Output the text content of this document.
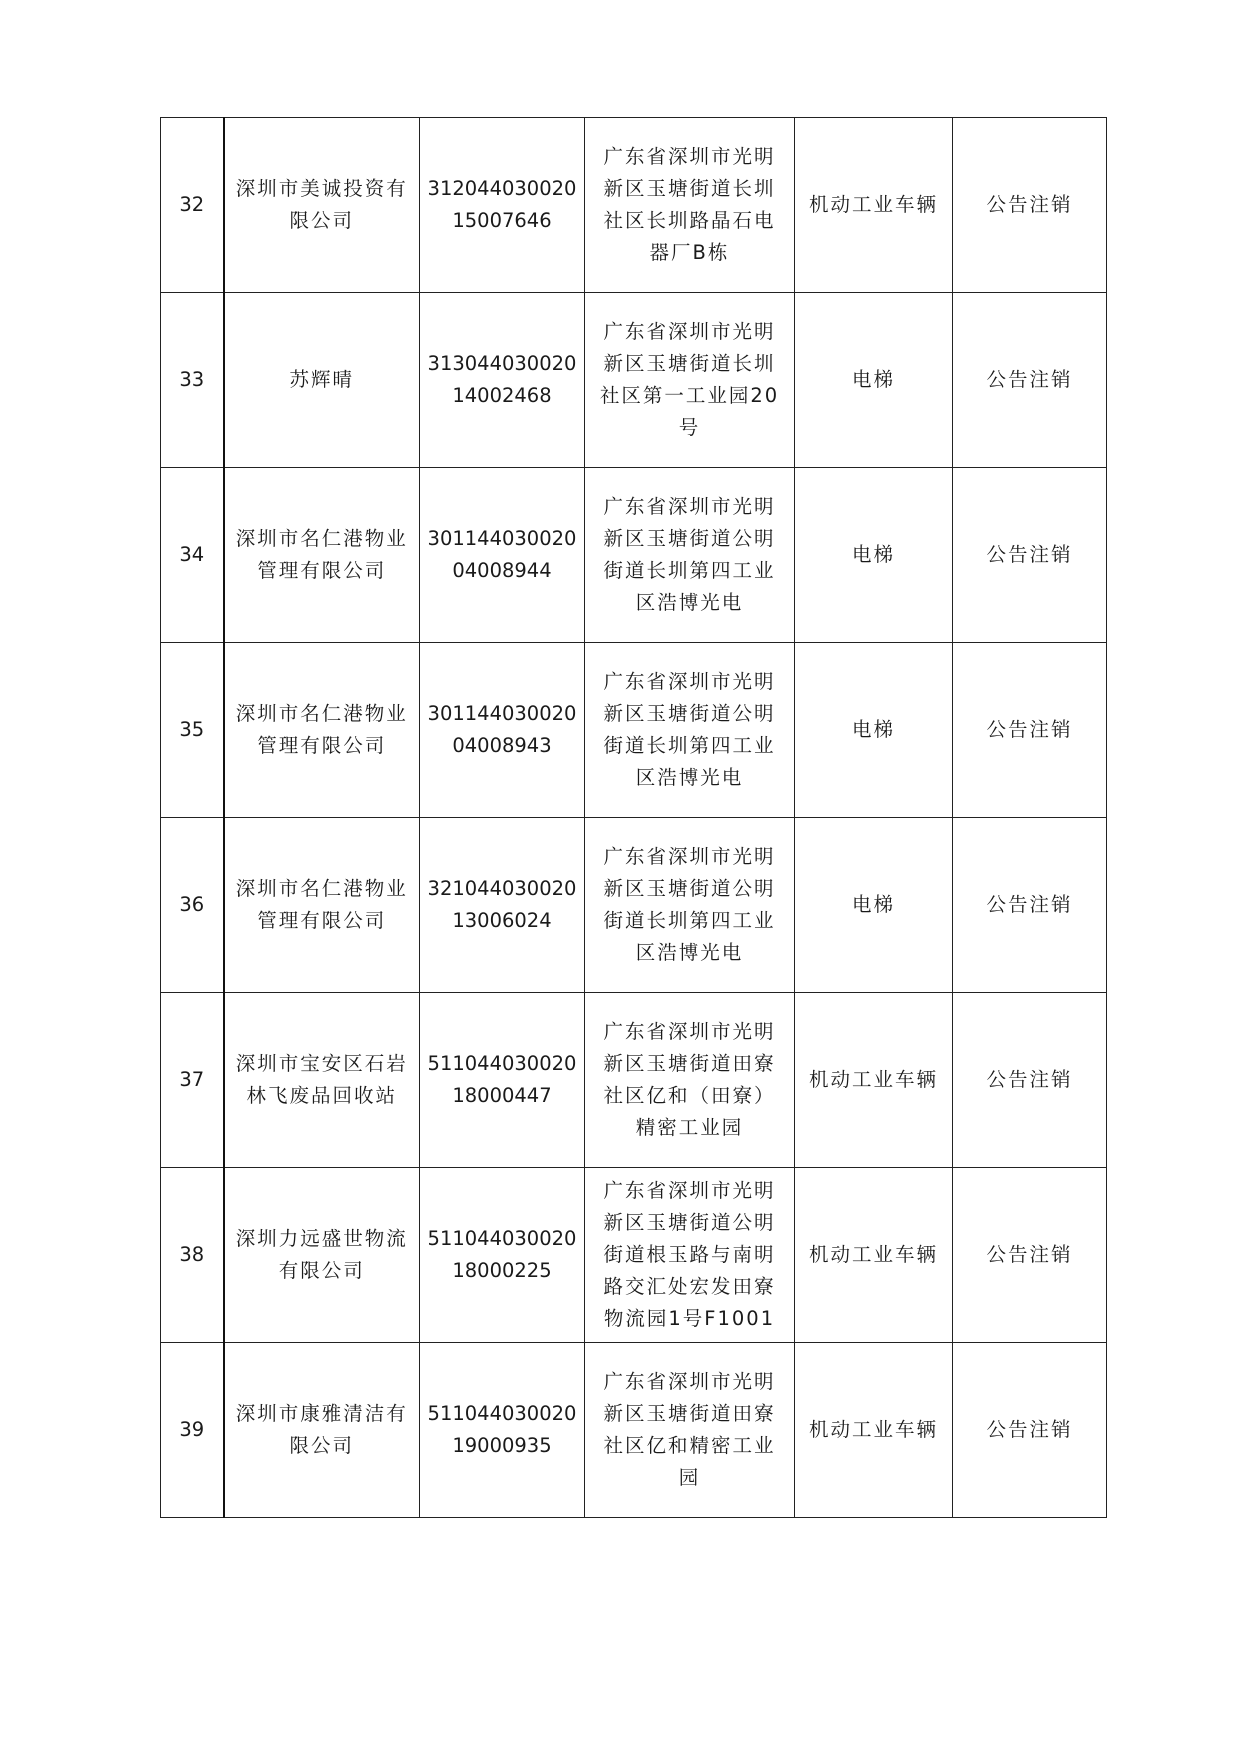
32	深圳市美诚投资有限公司	31204403002015007646	广东省深圳市光明新区玉塘街道长圳社区长圳路晶石电器厂B栋	机动工业车辆	公告注销
33	苏辉晴	31304403002014002468	广东省深圳市光明新区玉塘街道长圳社区第一工业园20号	电梯	公告注销
34	深圳市名仁港物业管理有限公司	30114403002004008944	广东省深圳市光明新区玉塘街道公明街道长圳第四工业区浩博光电	电梯	公告注销
35	深圳市名仁港物业管理有限公司	30114403002004008943	广东省深圳市光明新区玉塘街道公明街道长圳第四工业区浩博光电	电梯	公告注销
36	深圳市名仁港物业管理有限公司	32104403002013006024	广东省深圳市光明新区玉塘街道公明街道长圳第四工业区浩博光电	电梯	公告注销
37	深圳市宝安区石岩林飞废品回收站	51104403002018000447	广东省深圳市光明新区玉塘街道田寮社区亿和（田寮）精密工业园	机动工业车辆	公告注销
38	深圳力远盛世物流有限公司	51104403002018000225	广东省深圳市光明新区玉塘街道公明街道根玉路与南明路交汇处宏发田寮物流园1号F1001	机动工业车辆	公告注销
39	深圳市康雅清洁有限公司	51104403002019000935	广东省深圳市光明新区玉塘街道田寮社区亿和精密工业园	机动工业车辆	公告注销
